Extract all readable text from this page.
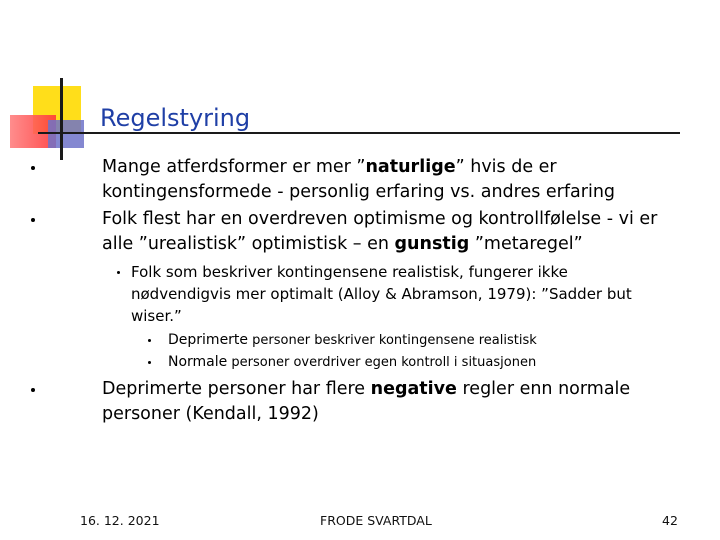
Regelstyring
Mange atferdsformer er mer ”naturlige” hvis de er
kontingensformede - personlig erfaring vs. andres erfaring
Folk flest har en overdreven optimisme og kontrollfølelse - vi er
alle ”urealistisk” optimistisk – en gunstig ”metaregel”
Folk som beskriver kontingensene realistisk, fungerer ikke
nødvendigvis mer optimalt (Alloy & Abramson, 1979): ”Sadder but
wiser.”
Deprimerte personer beskriver kontingensene realistisk
Normale personer overdriver egen kontroll i situasjonen
Deprimerte personer har flere negative regler enn normale
personer (Kendall, 1992)
16. 12. 2021	FRODE SVARTDAL	42
